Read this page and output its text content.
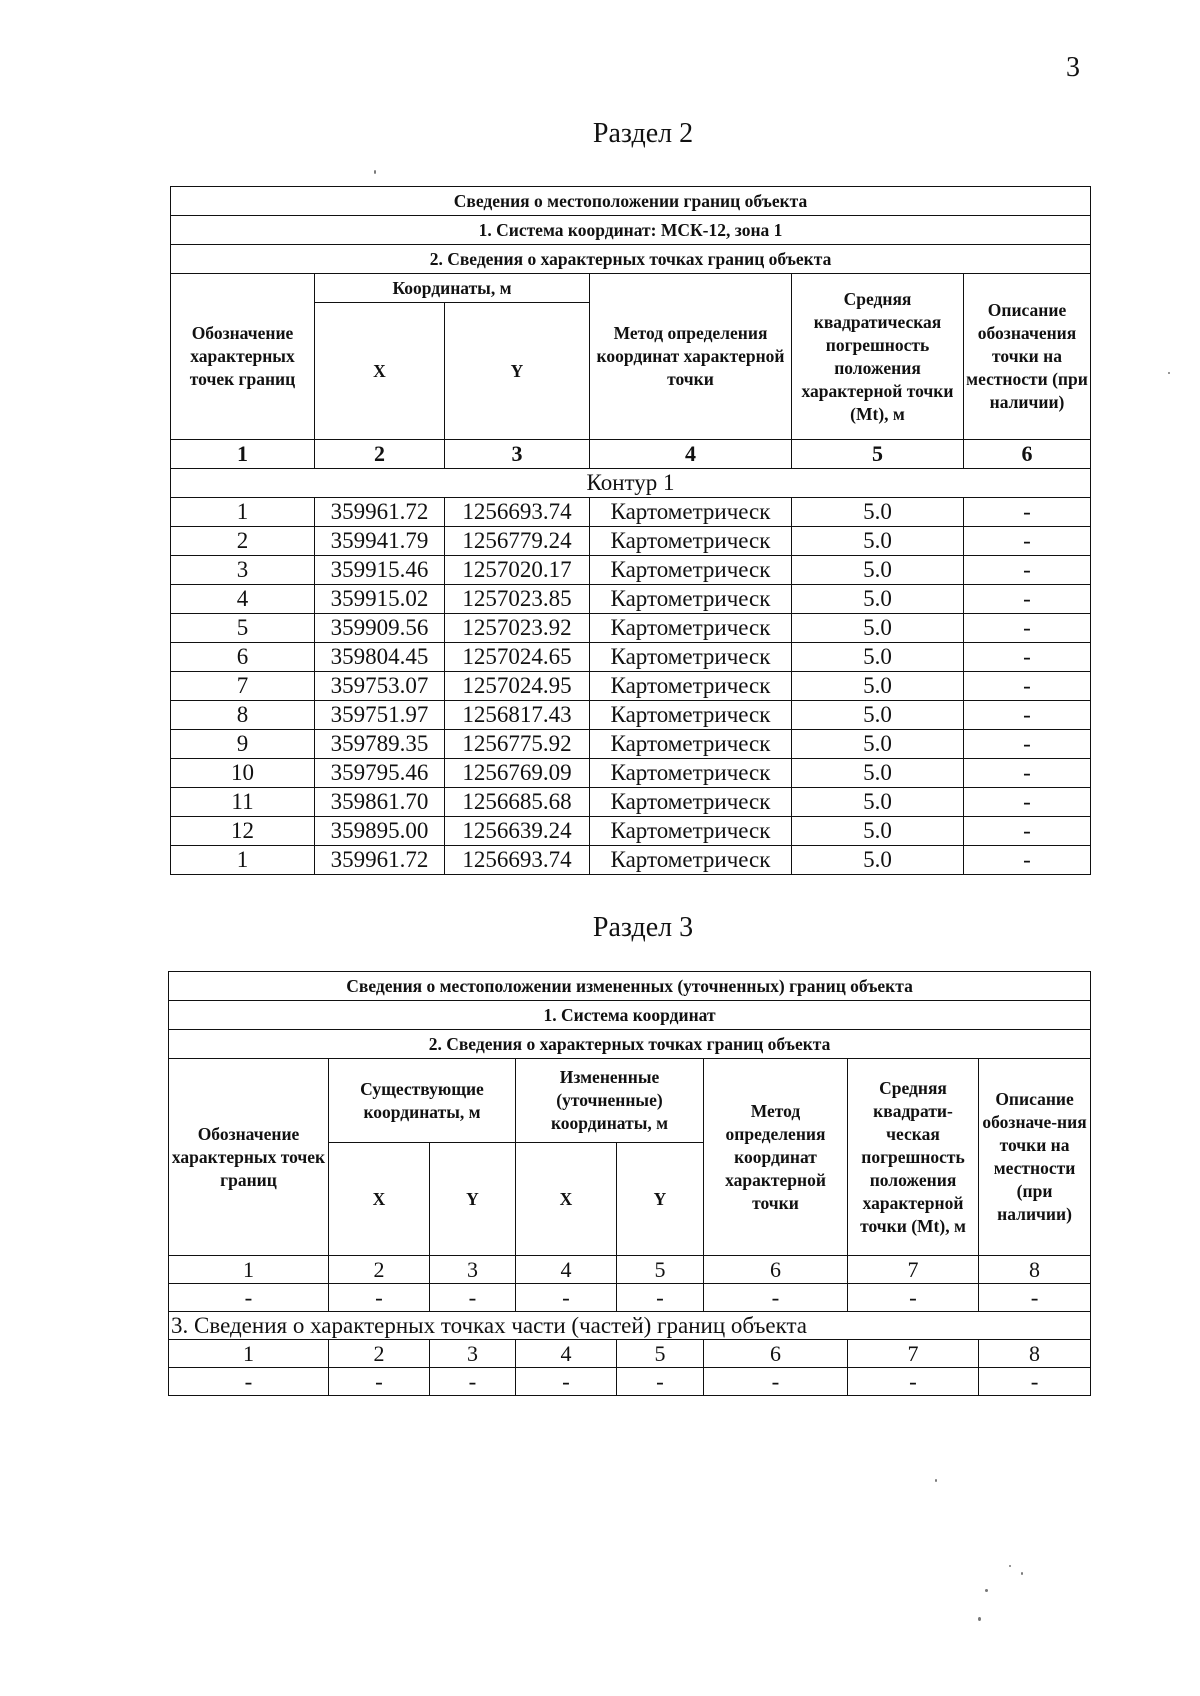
3
Раздел 2
Сведения о местоположении границ объекта					
1. Система координат: МСК-12, зона 1					
2. Сведения о характерных точках границ объекта					
Обозначение характерных точек границ	Координаты, м		Метод определения координат характерной точки	Средняя квадратическая погрешность положения характерной точки (Mt), м	Описание обозначения точки на местности (при наличии)
	X	Y			
1	2	3	4	5	6
Контур 1					
1	359961.72	1256693.74	Картометрическ	5.0	-
2	359941.79	1256779.24	Картометрическ	5.0	-
3	359915.46	1257020.17	Картометрическ	5.0	-
4	359915.02	1257023.85	Картометрическ	5.0	-
5	359909.56	1257023.92	Картометрическ	5.0	-
6	359804.45	1257024.65	Картометрическ	5.0	-
7	359753.07	1257024.95	Картометрическ	5.0	-
8	359751.97	1256817.43	Картометрическ	5.0	-
9	359789.35	1256775.92	Картометрическ	5.0	-
10	359795.46	1256769.09	Картометрическ	5.0	-
11	359861.70	1256685.68	Картометрическ	5.0	-
12	359895.00	1256639.24	Картометрическ	5.0	-
1	359961.72	1256693.74	Картометрическ	5.0	-
Раздел 3
Сведения о местоположении измененных (уточненных) границ объекта							
1. Система координат							
2. Сведения о характерных точках границ объекта							
Обозначение характерных точек границ	Существующие координаты, м		Измененные (уточненные) координаты, м		Метод определения координат характерной точки	Средняя квадрати-ческая погрешность положения характерной точки (Mt), м	Описание обозначе-ния точки на местности (при наличии)
	X	Y	X	Y			
1	2	3	4	5	6	7	8
-	-	-	-	-	-	-	-
3. Сведения о характерных точках части (частей) границ объекта							
1	2	3	4	5	6	7	8
-	-	-	-	-	-	-	-
